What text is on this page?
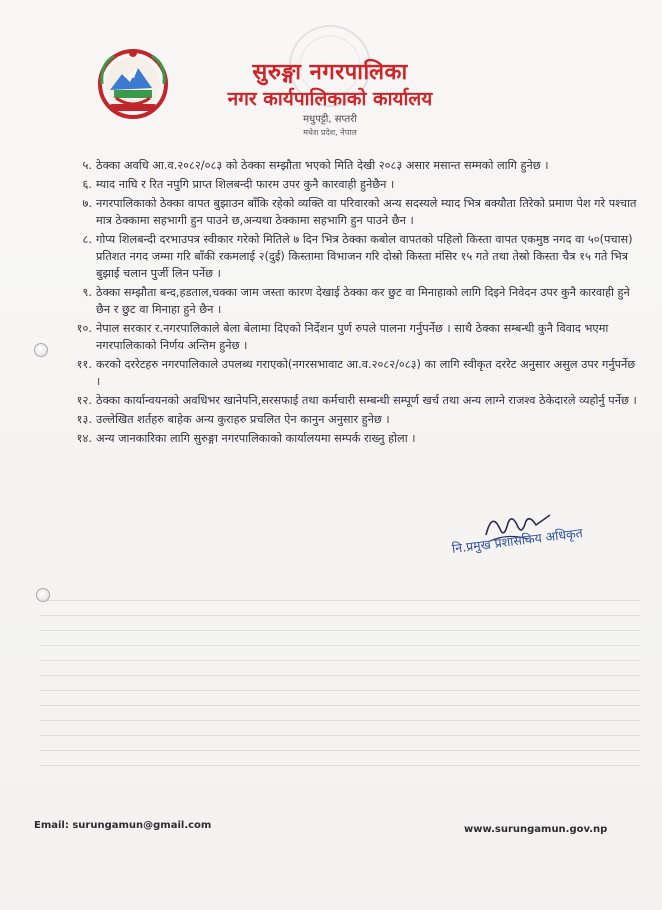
सुरुङ्गा नगरपालिका
नगर कार्यपालिकाको कार्यालय
मधुपट्टी, सप्तरी
मधेश प्रदेश, नेपाल
५. ठेक्का अवधि आ.व.२०८२/०८३ को ठेक्का सम्झौता भएको मिति देखी २०८३ असार मसान्त सम्मको लागि हुनेछ ।
६. म्याद नाघि र रित नपुगि प्राप्त शिलबन्दी फारम उपर कुनै कारवाही हुनेछैन ।
७. नगरपालिकाको ठेक्का वापत बुझाउन बाँकि रहेको व्यक्ति वा परिवारको अन्य सदस्यले म्याद भित्र बक्यौता तिरेको प्रमाण पेश गरे पश्चात मात्र ठेक्कामा सहभागी हुन पाउने छ,अन्यथा ठेक्कामा सहभागि हुन पाउने छैन ।
८. गोप्य शिलबन्दी दरभाउपत्र स्वीकार गरेको मितिले ७ दिन भित्र ठेक्का कबोल वापतको पहिलो किस्ता वापत एकमुष्ठ नगद वा ५०(पचास) प्रतिशत नगद जम्मा गरि बाँकी रकमलाई २(दुई) किस्तामा विभाजन गरि दोस्रो किस्ता मंसिर १५ गते तथा तेस्रो किस्ता चैत्र १५ गते भित्र बुझाई चलान पुर्जी लिन पर्नेछ ।
९. ठेक्का सम्झौता बन्द,हडताल,चक्का जाम जस्ता कारण देखाई ठेक्का कर छुट वा मिनाहाको लागि दिइने निवेदन उपर कुनै कारवाही हुने छैन र छुट वा मिनाहा हुने छैन ।
१०. नेपाल सरकार र.नगरपालिकाले बेला बेलामा दिएको निर्देशन पुर्ण रुपले पालना गर्नुपर्नेछ । साथै ठेक्का सम्बन्धी कुनै विवाद भएमा नगरपालिकाको निर्णय अन्तिम हुनेछ ।
११. करको दररेटहरु नगरपालिकाले उपलब्ध गराएको(नगरसभावाट आ.व.२०८२/०८३) का लागि स्वीकृत दररेट अनुसार असुल उपर गर्नुपर्नेछ ।
१२. ठेक्का कार्यान्वयनको अवधिभर खानेपनि,सरसफाई तथा कर्मचारी सम्बन्धी सम्पूर्ण खर्च तथा अन्य लाग्ने राजश्व ठेकेदारले व्यहोर्नु पर्नेछ ।
१३. उल्लेखित शर्तहरु बाहेक अन्य कुराहरु प्रचलित ऐन कानुन अनुसार हुनेछ ।
१४. अन्य जानकारिका लागि सुरुङ्गा नगरपालिकाको कार्यालयमा सम्पर्क राख्नु होला ।
नि.प्रमुख प्रशासकिय अधिकृत
Email: surungamun@gmail.com	www.surungamun.gov.np
